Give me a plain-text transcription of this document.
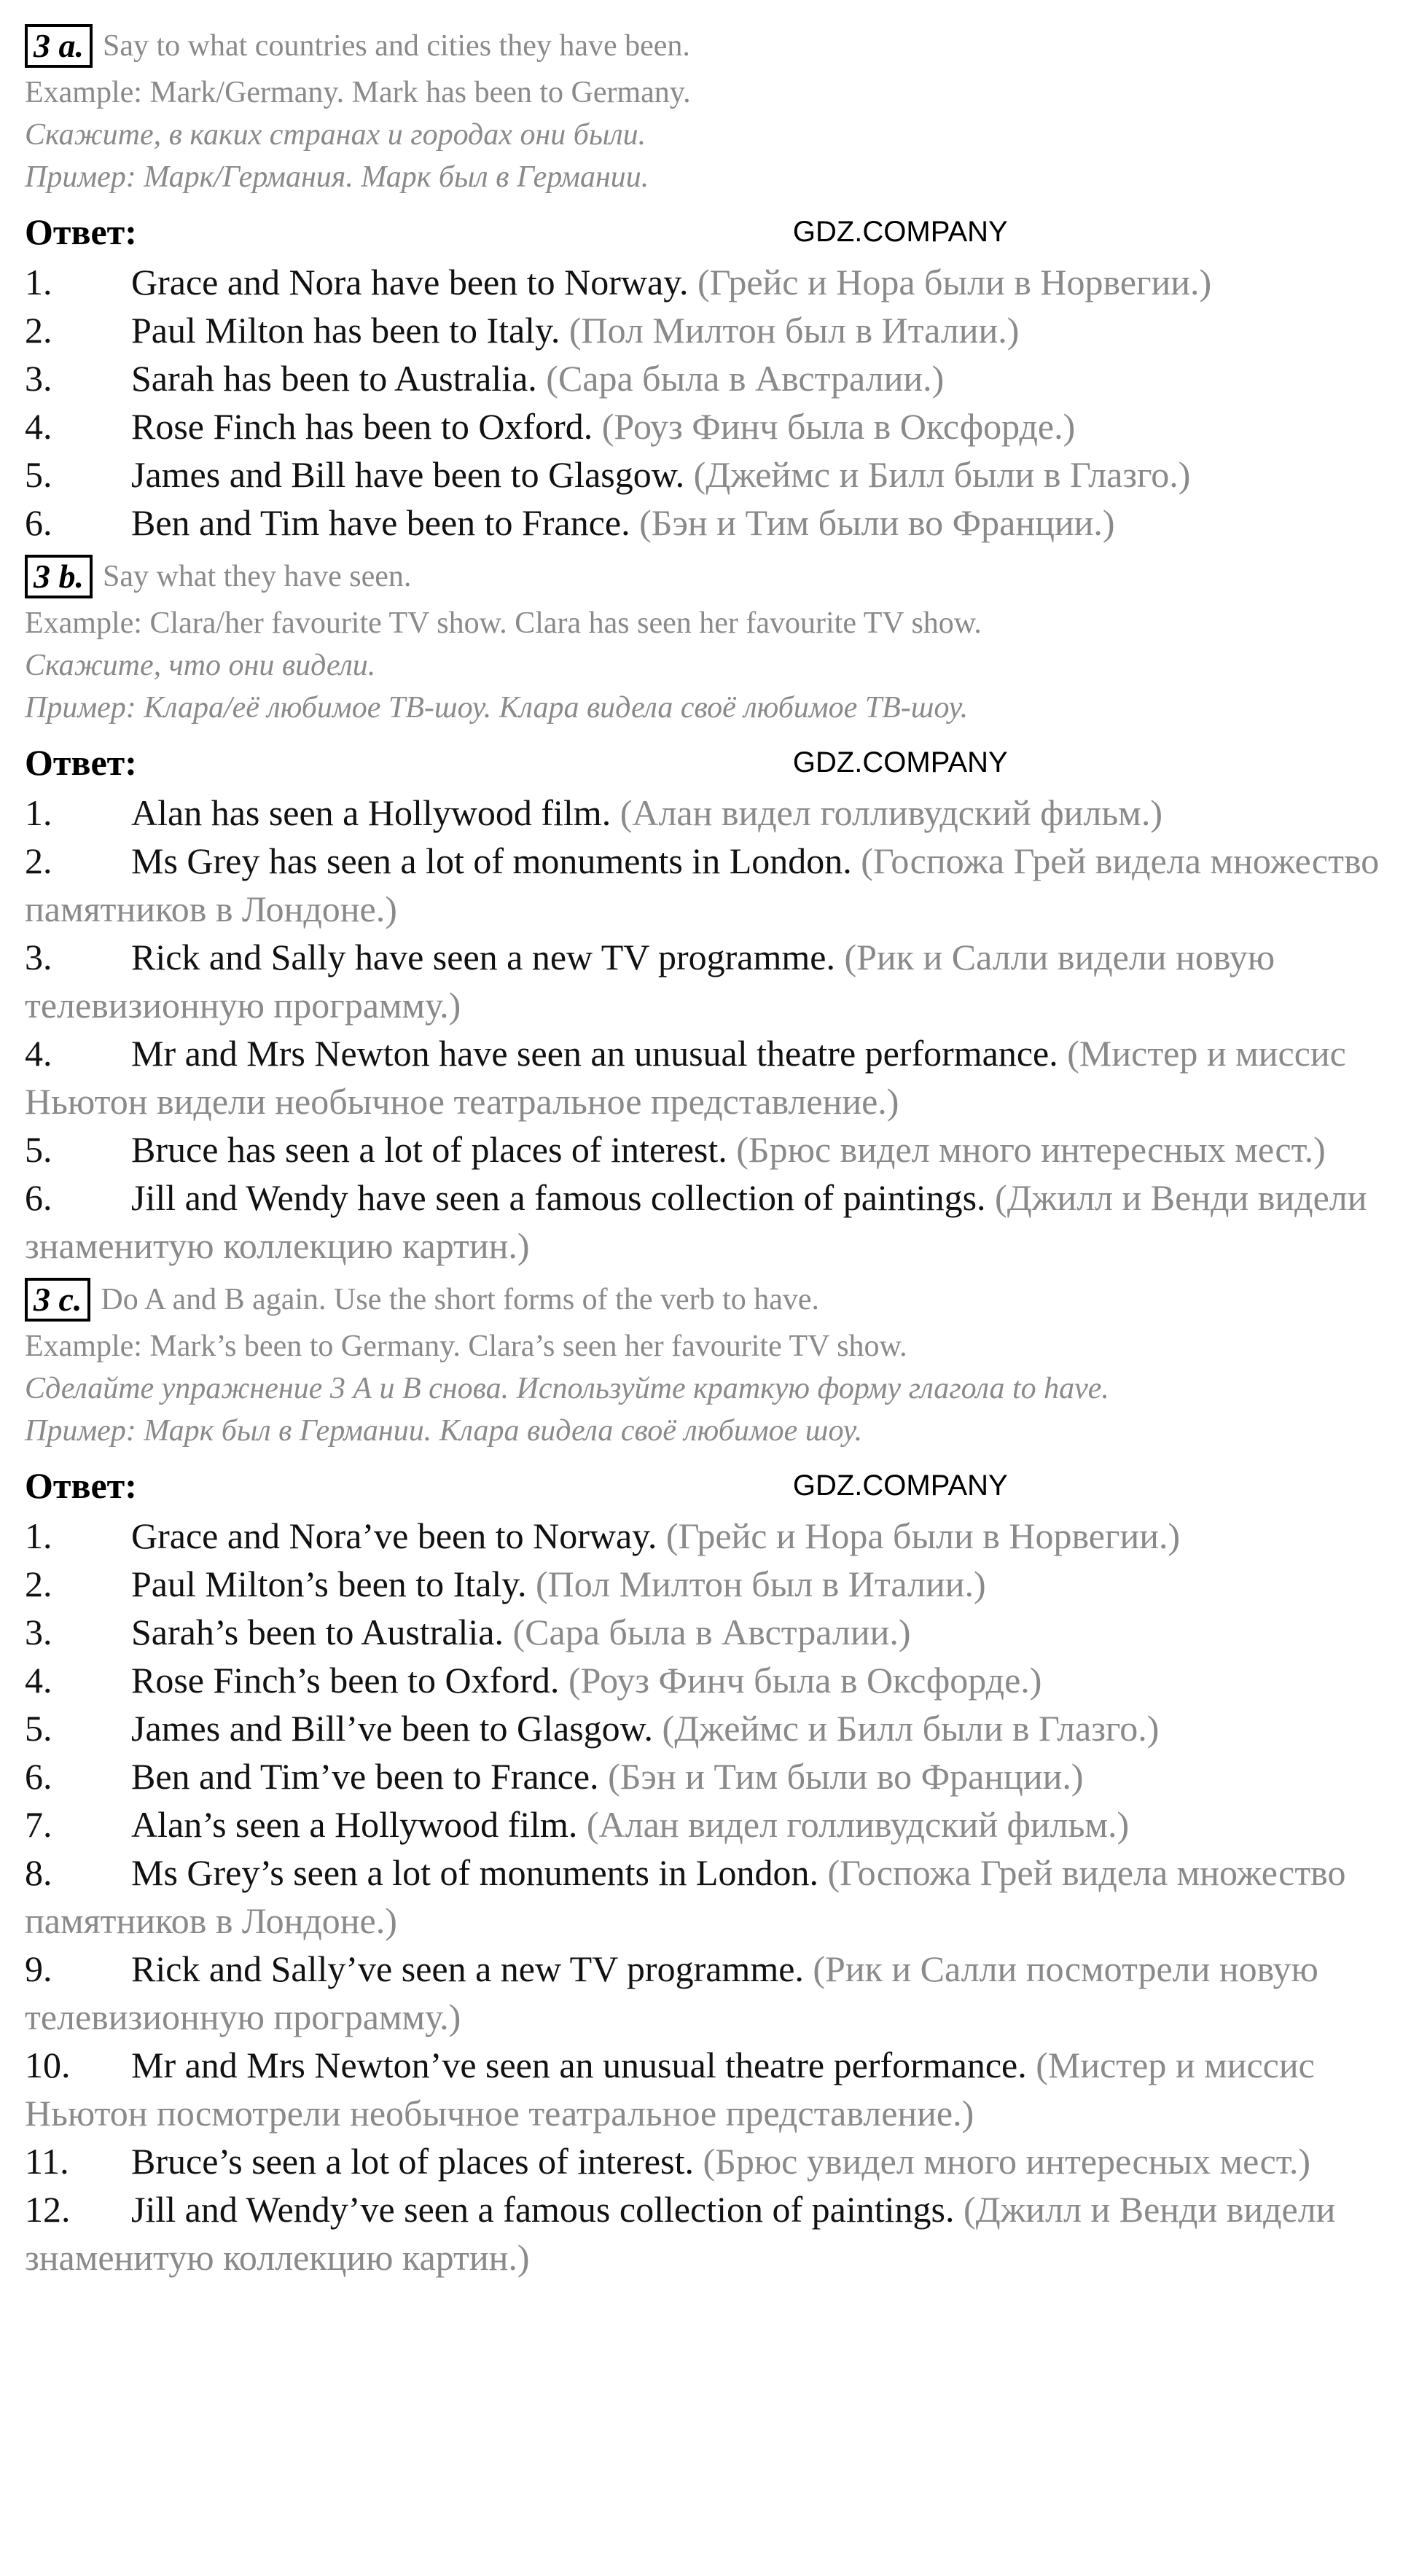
3 a. Say to what countries and cities they have been.
Example: Mark/Germany. Mark has been to Germany.
Скажите, в каких странах и городах они были.
Пример: Марк/Германия. Марк был в Германии.
Ответ:	GDZ.COMPANY
1. Grace and Nora have been to Norway. (Грейс и Нора были в Норвегии.)
2. Paul Milton has been to Italy. (Пол Милтон был в Италии.)
3. Sarah has been to Australia. (Сара была в Австралии.)
4. Rose Finch has been to Oxford. (Роуз Финч была в Оксфорде.)
5. James and Bill have been to Glasgow. (Джеймс и Билл были в Глазго.)
6. Ben and Tim have been to France. (Бэн и Тим были во Франции.)
3 b. Say what they have seen.
Example: Clara/her favourite TV show. Clara has seen her favourite TV show.
Скажите, что они видели.
Пример: Клара/её любимое ТВ-шоу. Клара видела своё любимое ТВ-шоу.
Ответ:	GDZ.COMPANY
1. Alan has seen a Hollywood film. (Алан видел голливудский фильм.)
2. Ms Grey has seen a lot of monuments in London. (Госпожа Грей видела множество памятников в Лондоне.)
3. Rick and Sally have seen a new TV programme. (Рик и Салли видели новую телевизионную программу.)
4. Mr and Mrs Newton have seen an unusual theatre performance. (Мистер и миссис Ньютон видели необычное театральное представление.)
5. Bruce has seen a lot of places of interest. (Брюс видел много интересных мест.)
6. Jill and Wendy have seen a famous collection of paintings. (Джилл и Венди видели знаменитую коллекцию картин.)
3 c. Do A and B again. Use the short forms of the verb to have.
Example: Mark’s been to Germany. Clara’s seen her favourite TV show.
Сделайте упражнение 3 А и В снова. Используйте краткую форму глагола to have.
Пример: Марк был в Германии. Клара видела своё любимое шоу.
Ответ:	GDZ.COMPANY
1. Grace and Nora’ve been to Norway. (Грейс и Нора были в Норвегии.)
2. Paul Milton’s been to Italy. (Пол Милтон был в Италии.)
3. Sarah’s been to Australia. (Сара была в Австралии.)
4. Rose Finch’s been to Oxford. (Роуз Финч была в Оксфорде.)
5. James and Bill’ve been to Glasgow. (Джеймс и Билл были в Глазго.)
6. Ben and Tim’ve been to France. (Бэн и Тим были во Франции.)
7. Alan’s seen a Hollywood film. (Алан видел голливудский фильм.)
8. Ms Grey’s seen a lot of monuments in London. (Госпожа Грей видела множество памятников в Лондоне.)
9. Rick and Sally’ve seen a new TV programme. (Рик и Салли посмотрели новую телевизионную программу.)
10. Mr and Mrs Newton’ve seen an unusual theatre performance. (Мистер и миссис Ньютон посмотрели необычное театральное представление.)
11. Bruce’s seen a lot of places of interest. (Брюс увидел много интересных мест.)
12. Jill and Wendy’ve seen a famous collection of paintings. (Джилл и Венди видели знаменитую коллекцию картин.)
